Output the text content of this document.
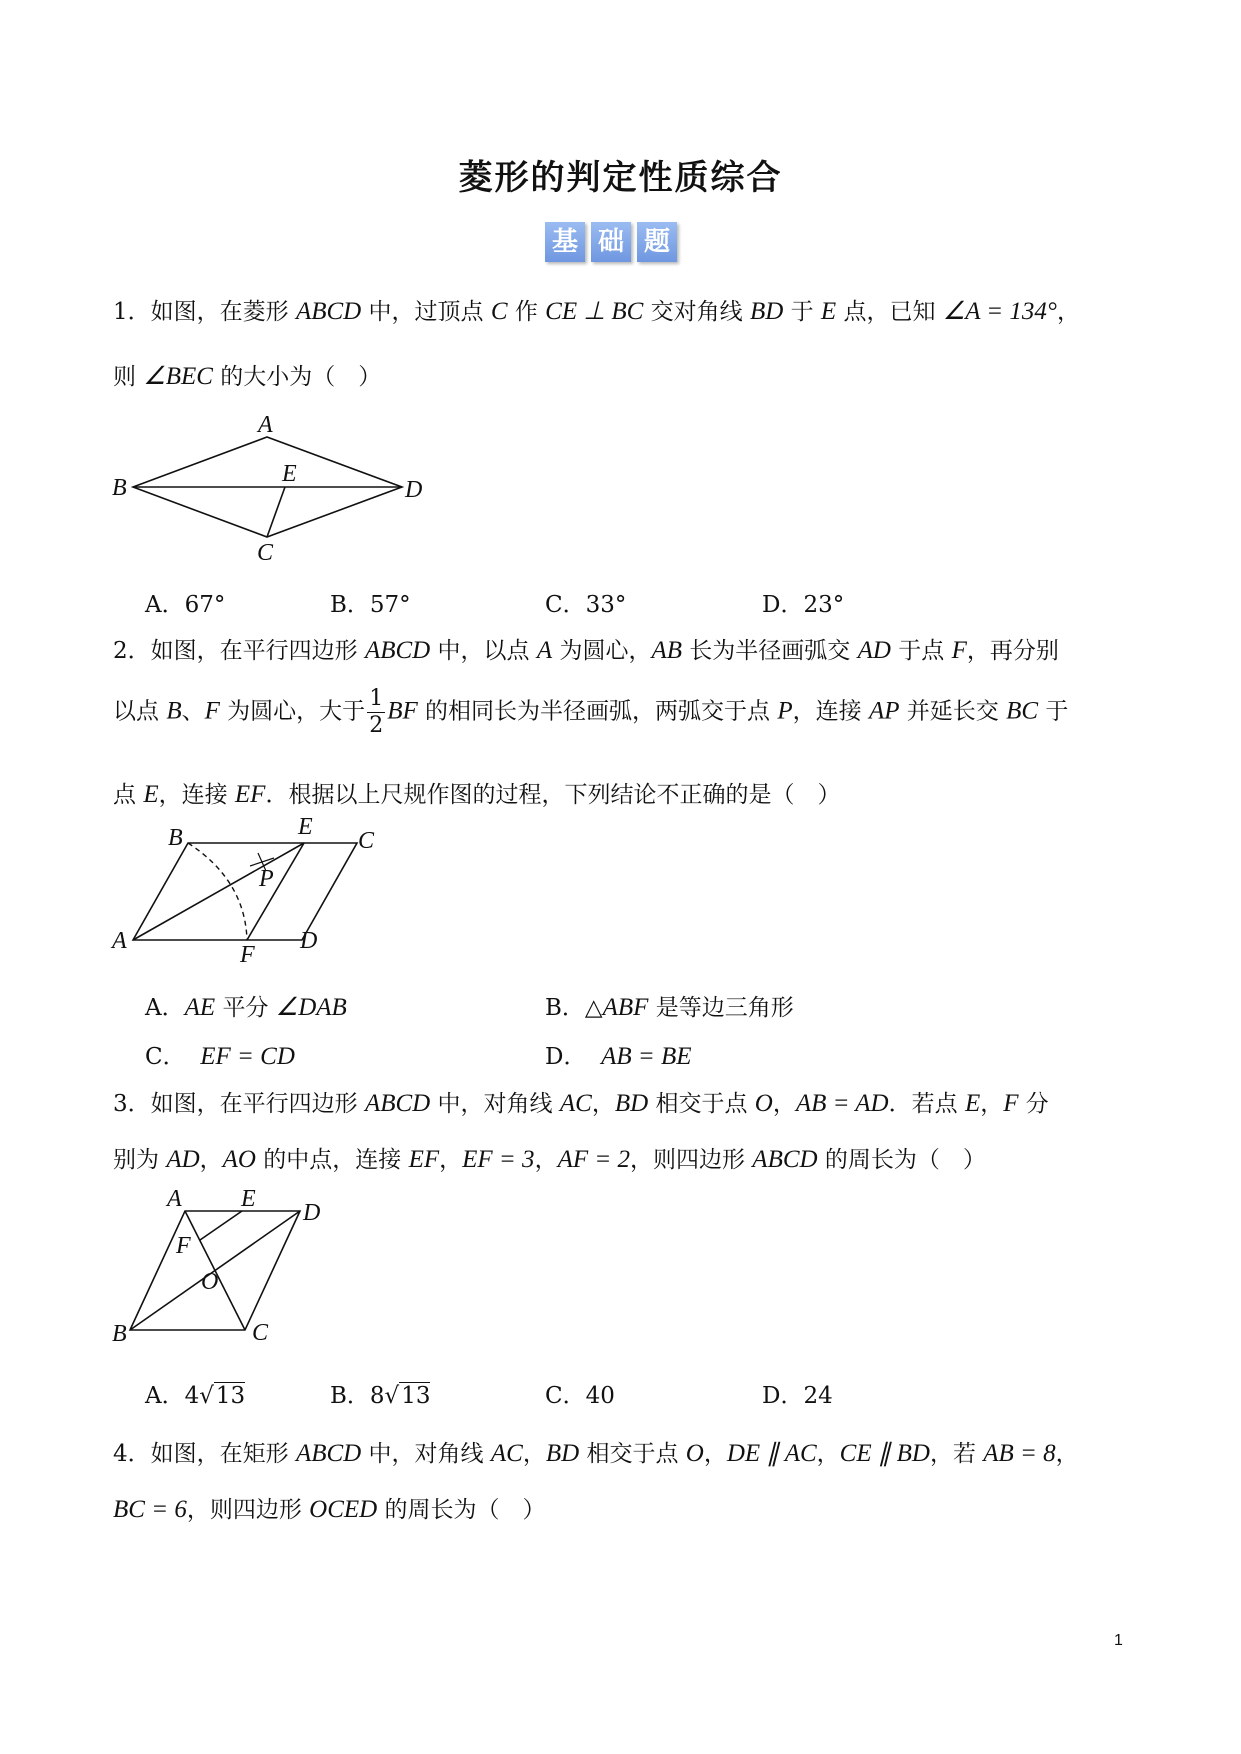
菱形的判定性质综合
基 础 题
1．如图，在菱形 ABCD 中，过顶点 C 作 CE ⊥ BC 交对角线 BD 于 E 点，已知 ∠A = 134°，
则 ∠BEC 的大小为（　）
A
B	D
E
C
A．67°	B．57°	C．33°	D．23°
2．如图，在平行四边形 ABCD 中，以点 A 为圆心，AB 长为半径画弧交 AD 于点 F，再分别
以点 B、F 为圆心，大于 $\frac{1}{2}$ BF 的相同长为半径画弧，两弧交于点 P，连接 AP 并延长交 BC 于
点 E，连接 EF．根据以上尺规作图的过程，下列结论不正确的是（　）
B	E
C
P
A
F
D
A．AE 平分 ∠DAB	B．△ABF 是等边三角形
C． EF = CD	D． AB = BE
3．如图，在平行四边形 ABCD 中，对角线 AC，BD 相交于点 O，AB = AD．若点 E，F 分
别为 AD，AO 的中点，连接 EF，EF = 3，AF = 2，则四边形 ABCD 的周长为（　）
A E
D
F
O
B	C
A．4√13	B．8√13	C．40	D．24
4．如图，在矩形 ABCD 中，对角线 AC，BD 相交于点 O，DE ∥ AC，CE ∥ BD，若 AB = 8，
BC = 6，则四边形 OCED 的周长为（　）
1
